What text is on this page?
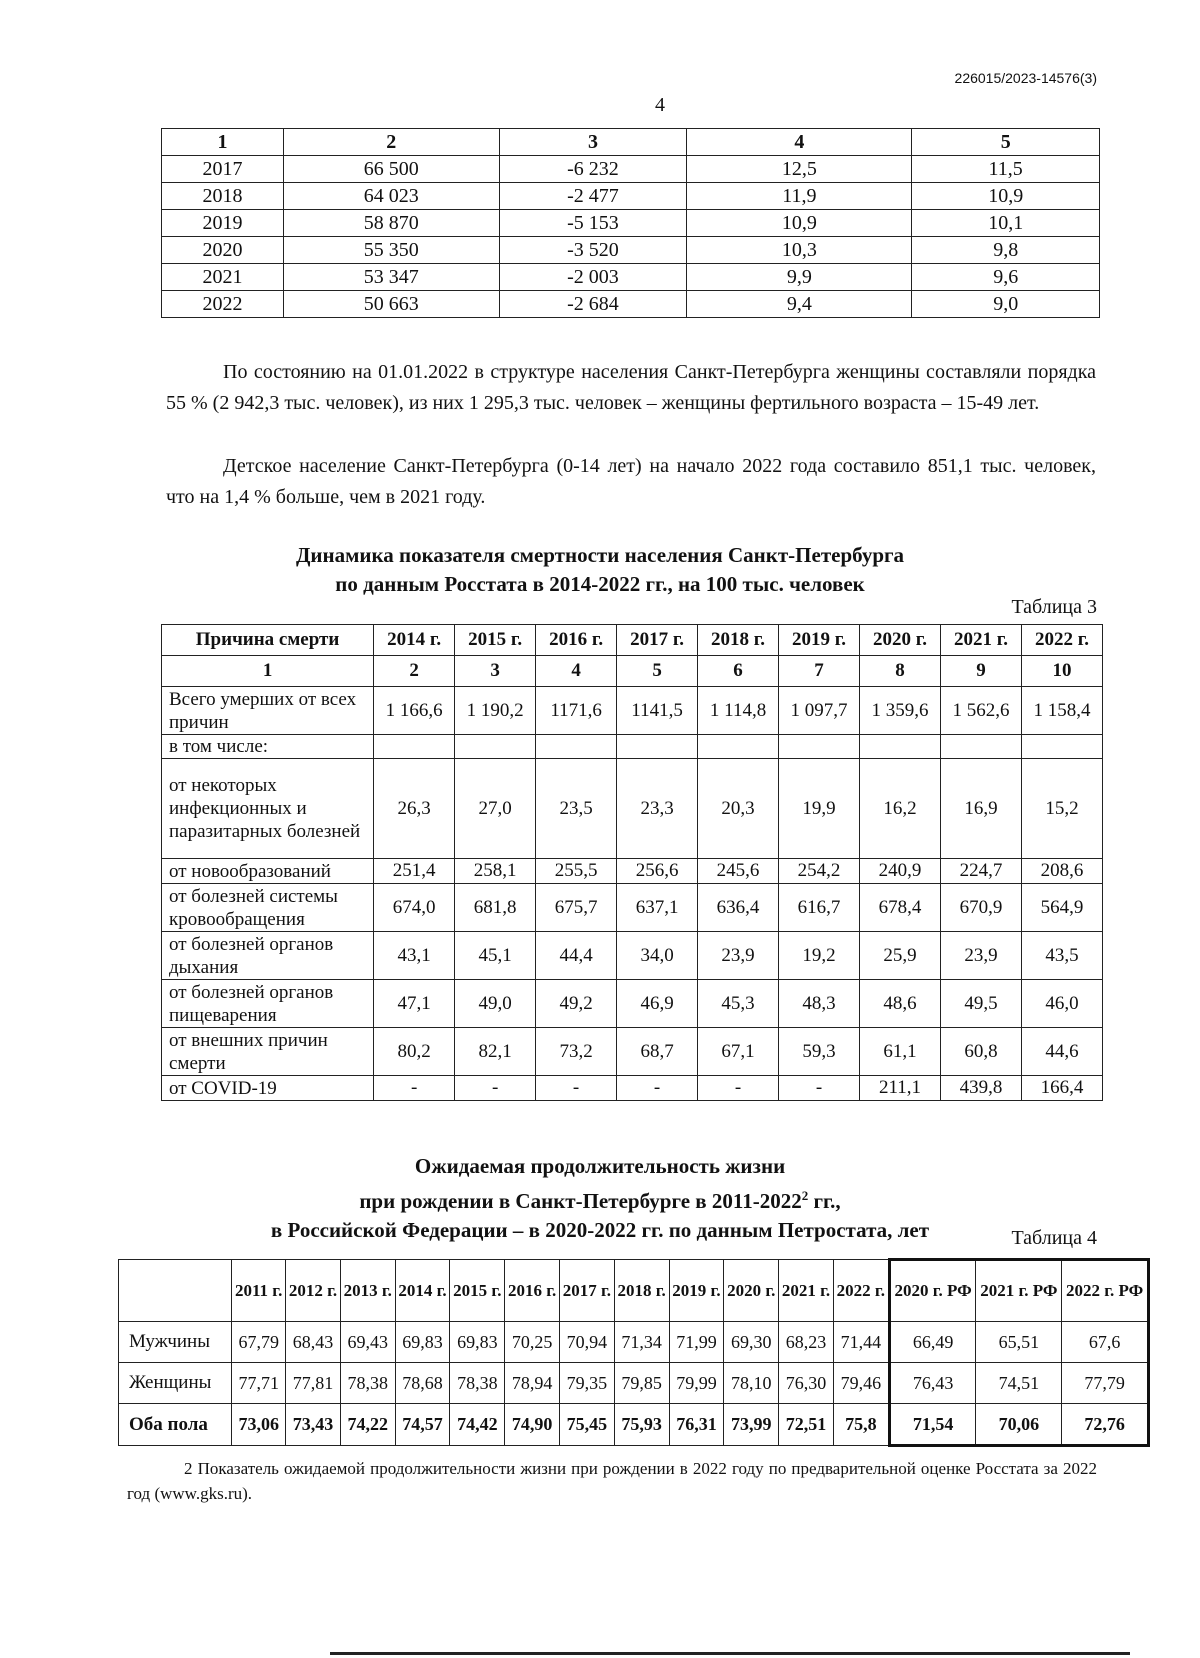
226015/2023-14576(3)
4
1	2	3	4	5
2017	66 500	-6 232	12,5	11,5
2018	64 023	-2 477	11,9	10,9
2019	58 870	-5 153	10,9	10,1
2020	55 350	-3 520	10,3	9,8
2021	53 347	-2 003	9,9	9,6
2022	50 663	-2 684	9,4	9,0
По состоянию на 01.01.2022 в структуре населения Санкт-Петербурга женщины составляли порядка 55 % (2 942,3 тыс. человек), из них 1 295,3 тыс. человек – женщины фертильного возраста – 15-49 лет.
Детское население Санкт-Петербурга (0-14 лет) на начало 2022 года составило 851,1 тыс. человек, что на 1,4 % больше, чем в 2021 году.
Динамика показателя смертности населения Санкт-Петербурга
по данным Росстата в 2014-2022 гг., на 100 тыс. человек
Таблица 3
Причина смерти	2014 г.	2015 г.	2016 г.	2017 г.	2018 г.	2019 г.	2020 г.	2021 г.	2022 г.
1	2	3	4	5	6	7	8	9	10
Всего умерших от всех причин	1 166,6	1 190,2	1171,6	1141,5	1 114,8	1 097,7	1 359,6	1 562,6	1 158,4
в том числе:									
от некоторых инфекционных и паразитарных болезней	26,3	27,0	23,5	23,3	20,3	19,9	16,2	16,9	15,2
от новообразований	251,4	258,1	255,5	256,6	245,6	254,2	240,9	224,7	208,6
от болезней системы кровообращения	674,0	681,8	675,7	637,1	636,4	616,7	678,4	670,9	564,9
от болезней органов дыхания	43,1	45,1	44,4	34,0	23,9	19,2	25,9	23,9	43,5
от болезней органов пищеварения	47,1	49,0	49,2	46,9	45,3	48,3	48,6	49,5	46,0
от внешних причин смерти	80,2	82,1	73,2	68,7	67,1	59,3	61,1	60,8	44,6
от COVID-19	-	-	-	-	-	-	211,1	439,8	166,4
Ожидаемая продолжительность жизни
при рождении в Санкт-Петербурге в 2011-2022$^2$ гг.,
в Российской Федерации – в 2020-2022 гг. по данным Петростата, лет	Таблица 4
	2011 г.	2012 г.	2013 г.	2014 г.	2015 г.	2016 г.	2017 г.	2018 г.	2019 г.	2020 г.	2021 г.	2022 г.	2020 г. РФ	2021 г. РФ	2022 г. РФ
Мужчины	67,79	68,43	69,43	69,83	69,83	70,25	70,94	71,34	71,99	69,30	68,23	71,44	66,49	65,51	67,6
Женщины	77,71	77,81	78,38	78,68	78,38	78,94	79,35	79,85	79,99	78,10	76,30	79,46	76,43	74,51	77,79
Оба пола	73,06	73,43	74,22	74,57	74,42	74,90	75,45	75,93	76,31	73,99	72,51	75,8	71,54	70,06	72,76
2 Показатель ожидаемой продолжительности жизни при рождении в 2022 году по предварительной оценке Росстата за 2022 год (www.gks.ru).
